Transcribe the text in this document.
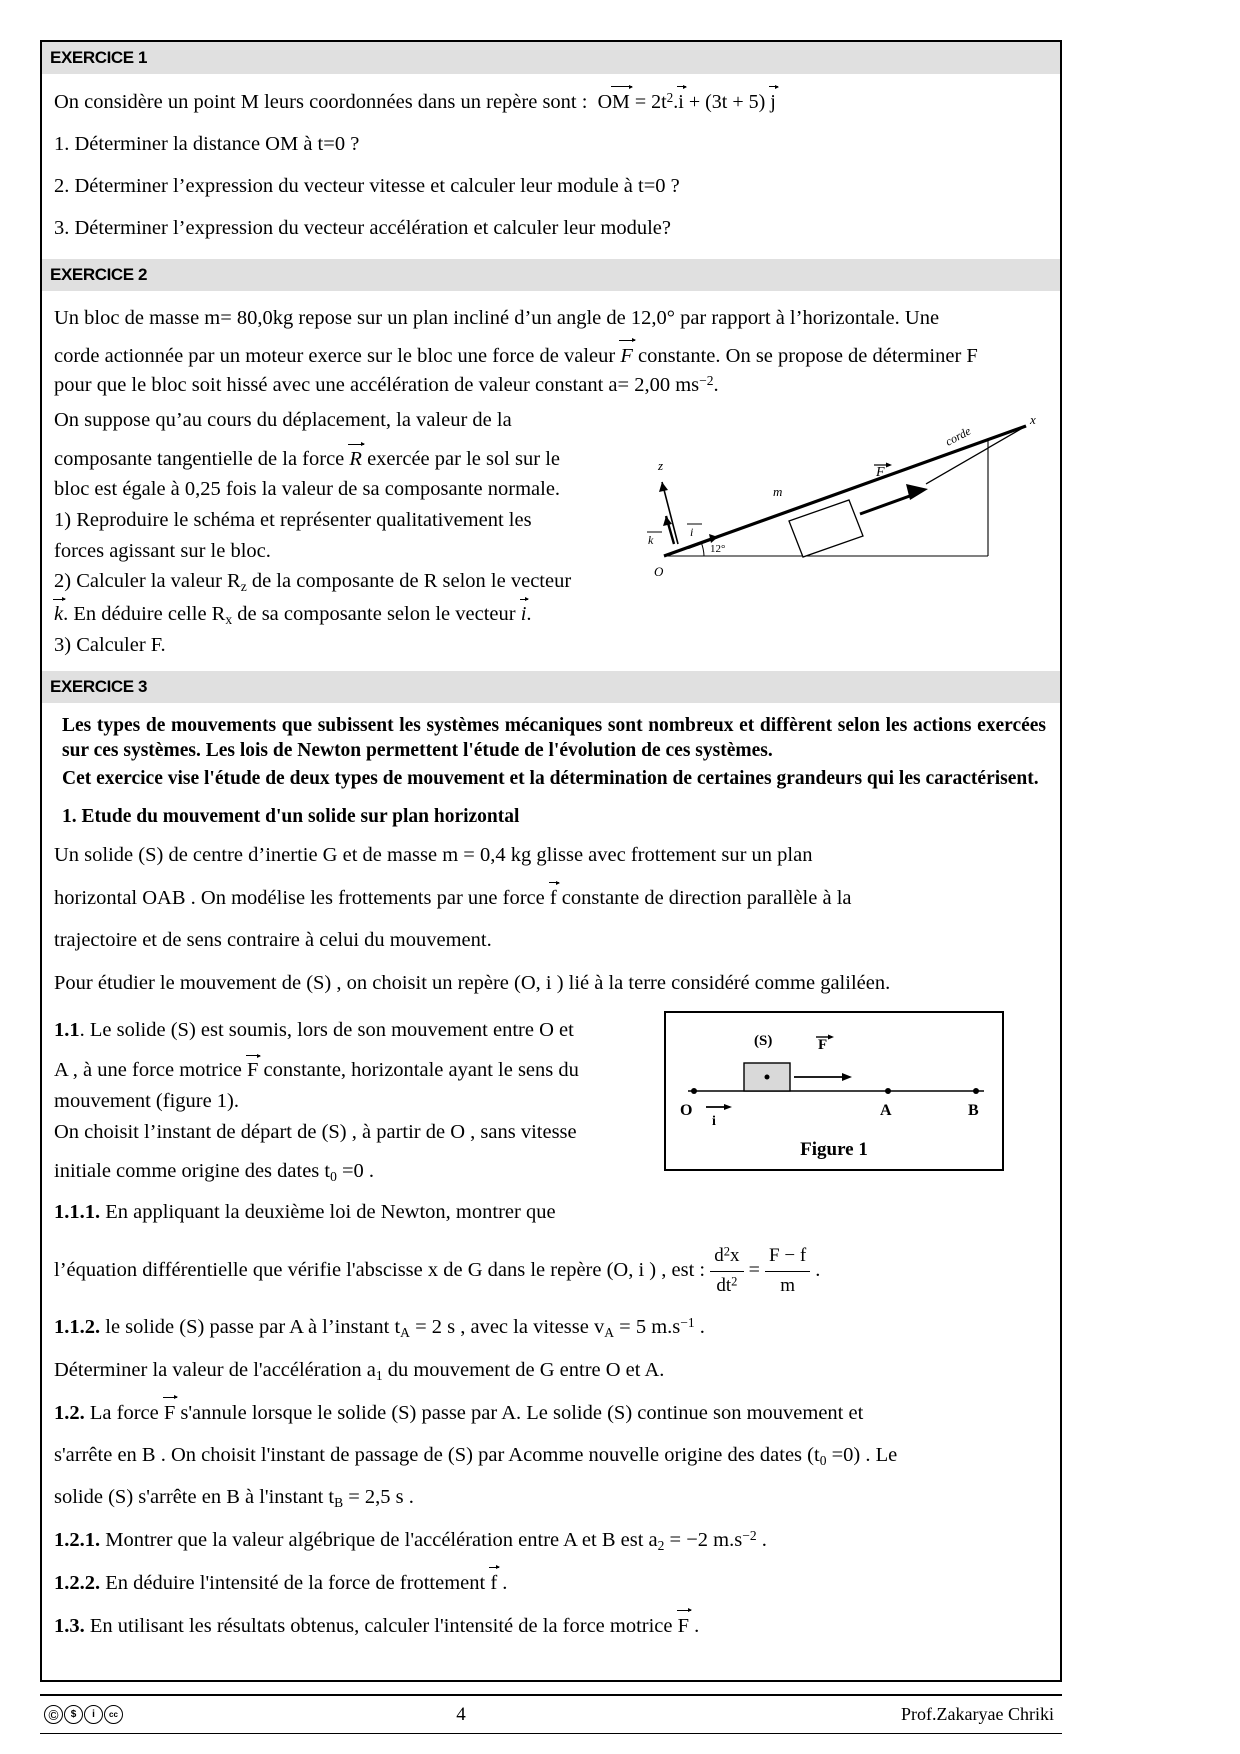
EXERCICE 1

On considère un point M leurs coordonnées dans un repère sont :  OM = $2t^2.i + (3t + 5)$ j

1. Déterminer la distance OM à t=0 ?

2. Déterminer l’expression du vecteur vitesse et calculer leur module à t=0 ?

3. Déterminer l’expression du vecteur accélération et calculer leur module?

EXERCICE 2

Un bloc de masse m= 80,0kg repose sur un plan incliné d’un angle de 12,0° par rapport à l’horizontale. Une
corde actionnée par un moteur exerce sur le bloc une force de valeur F constante. On se propose de déterminer F
pour que le bloc soit hissé avec une accélération de valeur constant a= 2,00 $ms^{-2}$.

On suppose qu’au cours du déplacement, la valeur de la

composante tangentielle de la force R exercée par le sol sur le

bloc est égale à 0,25 fois la valeur de sa composante normale.

1) Reproduire le schéma et représenter qualitativement les

forces agissant sur le bloc.

2) Calculer la valeur $R_z$ de la composante de R selon le vecteur

k. En déduire celle $R_x$ de sa composante selon le vecteur i.

3) Calculer F.

12°
O
z
k
i
m
F
corde
x
EXERCICE 3

Les types de mouvements que subissent les systèmes mécaniques sont nombreux et diffèrent selon les actions exercées sur ces systèmes. Les lois de Newton permettent l'étude de l'évolution de ces systèmes.

Cet exercice vise l'étude de deux types de mouvement et la détermination de certaines grandeurs qui les caractérisent.

1. Etude du mouvement d'un solide sur plan horizontal

Un solide (S) de centre d’inertie G et de masse m = 0,4 kg glisse avec frottement sur un plan

horizontal OAB . On modélise les frottements par une force f constante de direction parallèle à la

trajectoire et de sens contraire à celui du mouvement.

Pour étudier le mouvement de (S) , on choisit un repère (O, i ) lié à la terre considéré comme galiléen.

1.1. Le solide (S) est soumis, lors de son mouvement entre O et

A , à une force motrice F constante, horizontale ayant le sens du

mouvement (figure 1).

On choisit l’instant de départ de (S) , à partir de O , sans vitesse

initiale comme origine des dates $t_0 =0$ .

1.1.1. En appliquant la deuxième loi de Newton, montrer que

(S)	F
O
i
A	B
Figure 1

l’équation différentielle que vérifie l'abscisse x de G dans le repère (O, i ) , est : $\frac{d^2x}{dt^2} = \frac{F - f}{m}$ .

1.1.2. le solide (S) passe par A à l’instant $t_A = 2$ s , avec la vitesse $v_A = 5$ $m.s^{-1}$ .

Déterminer la valeur de l'accélération $a_1$ du mouvement de G entre O et A.

1.2. La force F s'annule lorsque le solide (S) passe par A. Le solide (S) continue son mouvement et

s'arrête en B . On choisit l'instant de passage de (S) par Acomme nouvelle origine des dates $(t_0 =0)$ . Le

solide (S) s'arrête en B à l'instant $t_B = 2,5$ s .

1.2.1. Montrer que la valeur algébrique de l'accélération entre A et B est $a_2 = -2$ $m.s^{-2}$ .

1.2.2. En déduire l'intensité de la force de frottement f .

1.3. En utilisant les résultats obtenus, calculer l'intensité de la force motrice F .

Ⓒ	$	i	cc	4	Prof.Zakaryae Chriki
